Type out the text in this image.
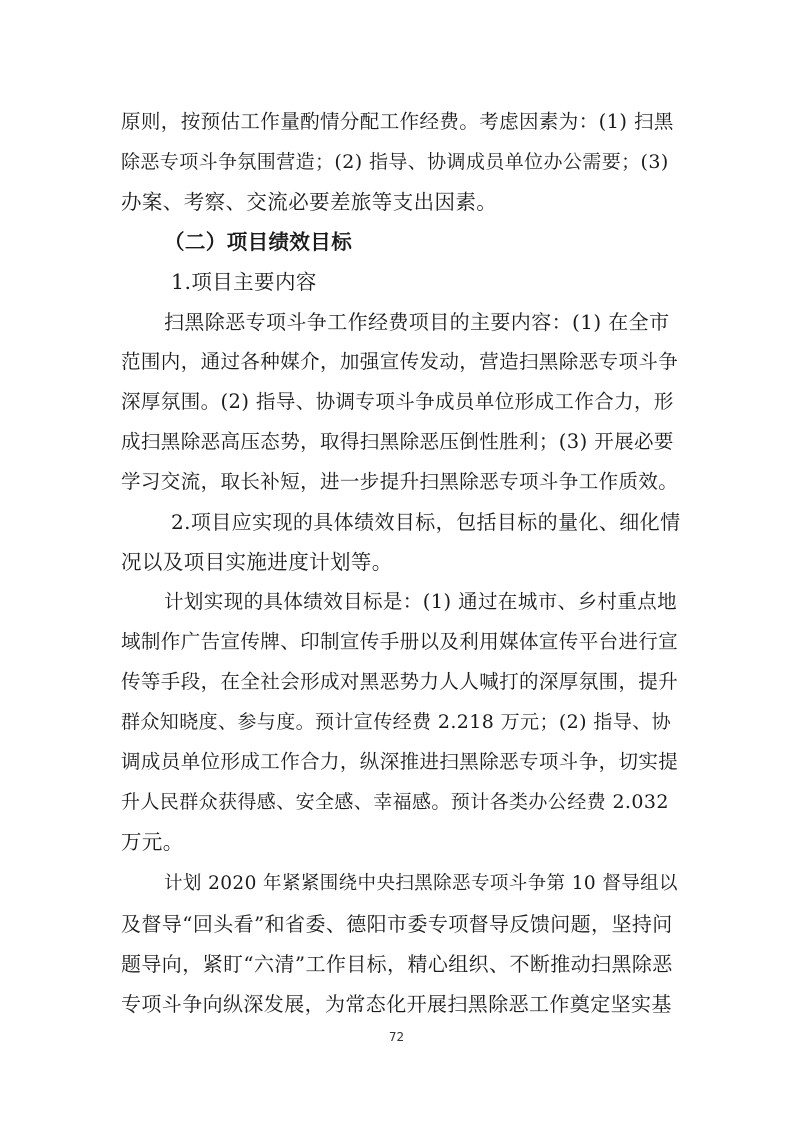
原则，按预估工作量酌情分配工作经费。考虑因素为：(1) 扫黑
除恶专项斗争氛围营造；(2) 指导、协调成员单位办公需要；(3)
办案、考察、交流必要差旅等支出因素。
（二）项目绩效目标
1.项目主要内容
扫黑除恶专项斗争工作经费项目的主要内容：(1) 在全市
范围内，通过各种媒介，加强宣传发动，营造扫黑除恶专项斗争
深厚氛围。(2) 指导、协调专项斗争成员单位形成工作合力，形
成扫黑除恶高压态势，取得扫黑除恶压倒性胜利；(3) 开展必要
学习交流，取长补短，进一步提升扫黑除恶专项斗争工作质效。
2.项目应实现的具体绩效目标，包括目标的量化、细化情
况以及项目实施进度计划等。
计划实现的具体绩效目标是：(1) 通过在城市、乡村重点地
域制作广告宣传牌、印制宣传手册以及利用媒体宣传平台进行宣
传等手段，在全社会形成对黑恶势力人人喊打的深厚氛围，提升
群众知晓度、参与度。预计宣传经费 2.218 万元；(2) 指导、协
调成员单位形成工作合力，纵深推进扫黑除恶专项斗争，切实提
升人民群众获得感、安全感、幸福感。预计各类办公经费 2.032
万元。
计划 2020 年紧紧围绕中央扫黑除恶专项斗争第 10 督导组以
及督导“回头看”和省委、德阳市委专项督导反馈问题，坚持问
题导向，紧盯“六清”工作目标，精心组织、不断推动扫黑除恶
专项斗争向纵深发展，为常态化开展扫黑除恶工作奠定坚实基
72
